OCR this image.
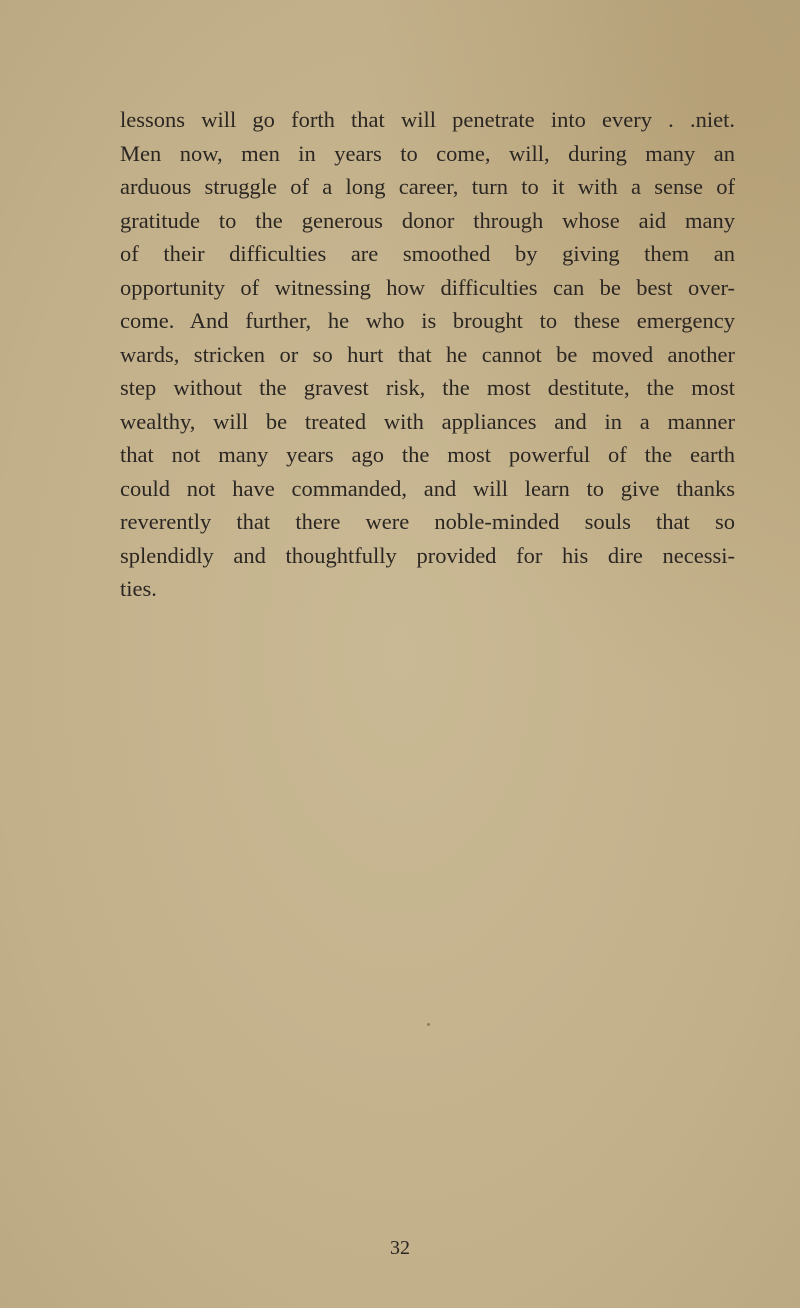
lessons will go forth that will penetrate into every . .niet.
Men now, men in years to come, will, during many an
arduous struggle of a long career, turn to it with a sense of
gratitude to the generous donor through whose aid many
of their difficulties are smoothed by giving them an
opportunity of witnessing how difficulties can be best over-
come. And further, he who is brought to these emergency
wards, stricken or so hurt that he cannot be moved another
step without the gravest risk, the most destitute, the most
wealthy, will be treated with appliances and in a manner
that not many years ago the most powerful of the earth
could not have commanded, and will learn to give thanks
reverently that there were noble-minded souls that so
splendidly and thoughtfully provided for his dire necessi-
ties.
32
